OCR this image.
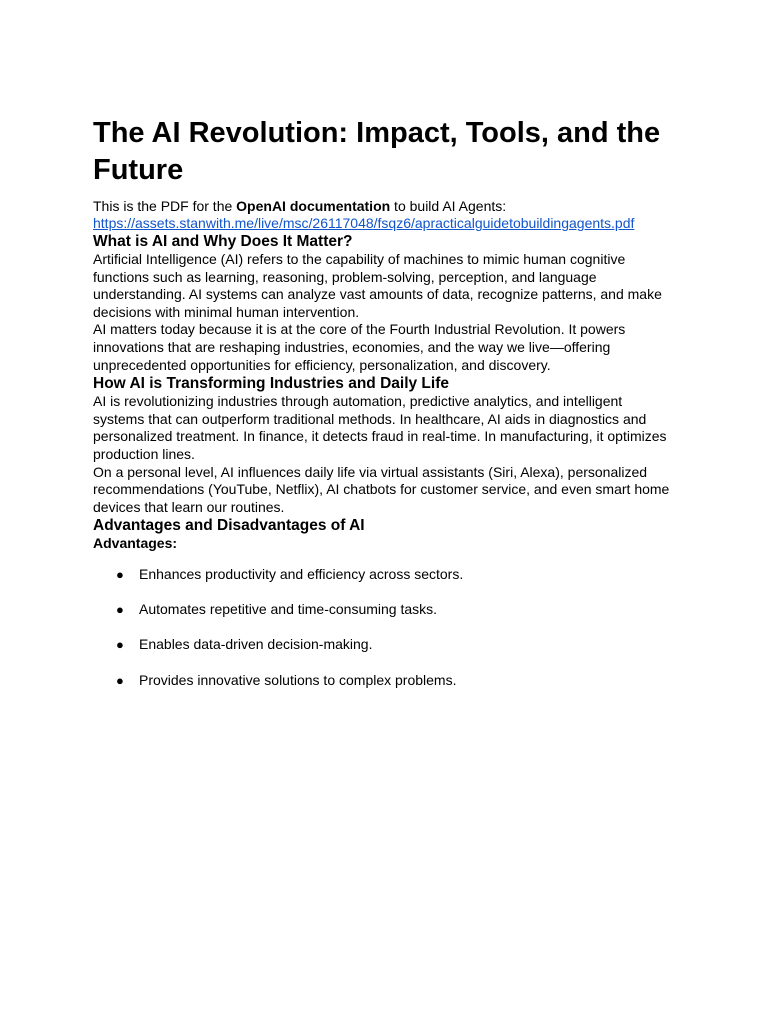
The AI Revolution: Impact, Tools, and the Future

This is the PDF for the OpenAI documentation to build AI Agents:
https://assets.stanwith.me/live/msc/26117048/fsqz6/apracticalguidetobuildingagents.pdf

What is AI and Why Does It Matter?

Artificial Intelligence (AI) refers to the capability of machines to mimic human cognitive functions such as learning, reasoning, problem-solving, perception, and language understanding. AI systems can analyze vast amounts of data, recognize patterns, and make decisions with minimal human intervention.

AI matters today because it is at the core of the Fourth Industrial Revolution. It powers innovations that are reshaping industries, economies, and the way we live—offering unprecedented opportunities for efficiency, personalization, and discovery.

How AI is Transforming Industries and Daily Life

AI is revolutionizing industries through automation, predictive analytics, and intelligent systems that can outperform traditional methods. In healthcare, AI aids in diagnostics and personalized treatment. In finance, it detects fraud in real-time. In manufacturing, it optimizes production lines.

On a personal level, AI influences daily life via virtual assistants (Siri, Alexa), personalized recommendations (YouTube, Netflix), AI chatbots for customer service, and even smart home devices that learn our routines.

Advantages and Disadvantages of AI

Advantages:

● Enhances productivity and efficiency across sectors.
● Automates repetitive and time-consuming tasks.
● Enables data-driven decision-making.
● Provides innovative solutions to complex problems.
